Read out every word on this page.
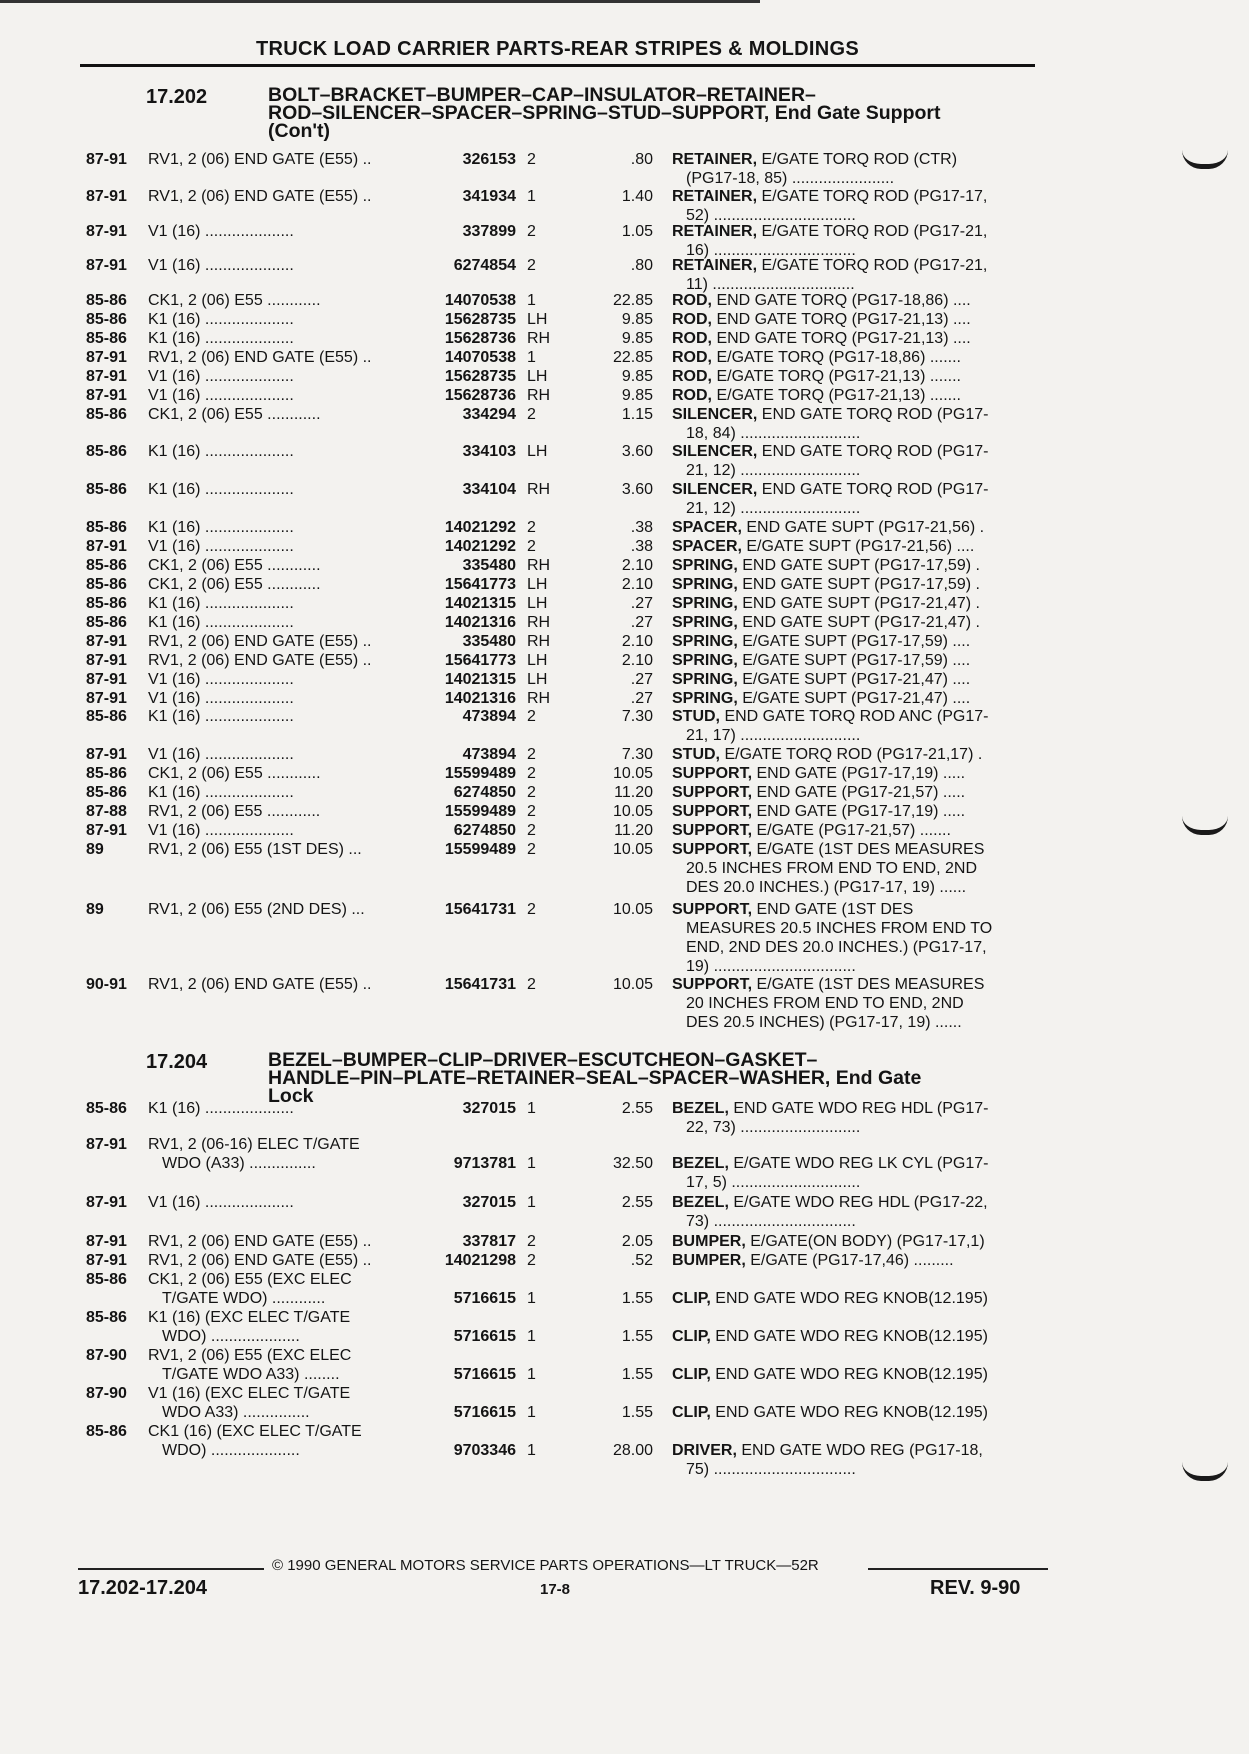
TRUCK LOAD CARRIER PARTS-REAR STRIPES & MOLDINGS
17.202	BOLT–BRACKET–BUMPER–CAP–INSULATOR–RETAINER–
ROD–SILENCER–SPACER–SPRING–STUD–SUPPORT, End Gate Support
(Con't)
87-91 RV1, 2 (06) END GATE (E55) ..	326153 2	.80 RETAINER, E/GATE TORQ ROD (CTR)
(PG17-18, 85) .......................
87-91 RV1, 2 (06) END GATE (E55) ..	341934 1	1.40 RETAINER, E/GATE TORQ ROD (PG17-17,
52) ................................
87-91 V1 (16) ....................	337899 2	1.05 RETAINER, E/GATE TORQ ROD (PG17-21,
16) ................................
87-91 V1 (16) ....................	6274854 2	.80 RETAINER, E/GATE TORQ ROD (PG17-21,
11) ................................
85-86 CK1, 2 (06) E55 ............	14070538 1	22.85 ROD, END GATE TORQ (PG17-18,86) ....
85-86 K1 (16) ....................	15628735 LH	9.85 ROD, END GATE TORQ (PG17-21,13) ....
85-86 K1 (16) ....................	15628736 RH	9.85 ROD, END GATE TORQ (PG17-21,13) ....
87-91 RV1, 2 (06) END GATE (E55) ..	14070538 1	22.85 ROD, E/GATE TORQ (PG17-18,86) .......
87-91 V1 (16) ....................	15628735 LH	9.85 ROD, E/GATE TORQ (PG17-21,13) .......
87-91 V1 (16) ....................	15628736 RH	9.85 ROD, E/GATE TORQ (PG17-21,13) .......
85-86 CK1, 2 (06) E55 ............	334294 2	1.15 SILENCER, END GATE TORQ ROD (PG17-
18, 84) ...........................
85-86 K1 (16) ....................	334103 LH	3.60 SILENCER, END GATE TORQ ROD (PG17-
21, 12) ...........................
85-86 K1 (16) ....................	334104 RH	3.60 SILENCER, END GATE TORQ ROD (PG17-
21, 12) ...........................
85-86 K1 (16) ....................	14021292 2	.38 SPACER, END GATE SUPT (PG17-21,56) .
87-91 V1 (16) ....................	14021292 2	.38 SPACER, E/GATE SUPT (PG17-21,56) ....
85-86 CK1, 2 (06) E55 ............	335480 RH	2.10 SPRING, END GATE SUPT (PG17-17,59) .
85-86 CK1, 2 (06) E55 ............	15641773 LH	2.10 SPRING, END GATE SUPT (PG17-17,59) .
85-86 K1 (16) ....................	14021315 LH	.27 SPRING, END GATE SUPT (PG17-21,47) .
85-86 K1 (16) ....................	14021316 RH	.27 SPRING, END GATE SUPT (PG17-21,47) .
87-91 RV1, 2 (06) END GATE (E55) ..	335480 RH	2.10 SPRING, E/GATE SUPT (PG17-17,59) ....
87-91 RV1, 2 (06) END GATE (E55) ..	15641773 LH	2.10 SPRING, E/GATE SUPT (PG17-17,59) ....
87-91 V1 (16) ....................	14021315 LH	.27 SPRING, E/GATE SUPT (PG17-21,47) ....
87-91 V1 (16) ....................	14021316 RH	.27 SPRING, E/GATE SUPT (PG17-21,47) ....
85-86 K1 (16) ....................	473894 2	7.30 STUD, END GATE TORQ ROD ANC (PG17-
21, 17) ...........................
87-91 V1 (16) ....................	473894 2	7.30 STUD, E/GATE TORQ ROD (PG17-21,17) .
85-86 CK1, 2 (06) E55 ............	15599489 2	10.05 SUPPORT, END GATE (PG17-17,19) .....
85-86 K1 (16) ....................	6274850 2	11.20 SUPPORT, END GATE (PG17-21,57) .....
87-88 RV1, 2 (06) E55 ............	15599489 2	10.05 SUPPORT, END GATE (PG17-17,19) .....
87-91 V1 (16) ....................	6274850 2	11.20 SUPPORT, E/GATE (PG17-21,57) .......
89	RV1, 2 (06) E55 (1ST DES) ...	15599489 2	10.05 SUPPORT, E/GATE (1ST DES MEASURES
20.5 INCHES FROM END TO END, 2ND
DES 20.0 INCHES.) (PG17-17, 19) ......
89	RV1, 2 (06) E55 (2ND DES) ...	15641731 2	10.05 SUPPORT, END GATE (1ST DES
MEASURES 20.5 INCHES FROM END TO
END, 2ND DES 20.0 INCHES.) (PG17-17,
19) ................................
90-91 RV1, 2 (06) END GATE (E55) ..	15641731 2	10.05 SUPPORT, E/GATE (1ST DES MEASURES
20 INCHES FROM END TO END, 2ND
DES 20.5 INCHES) (PG17-17, 19) ......
17.204	BEZEL–BUMPER–CLIP–DRIVER–ESCUTCHEON–GASKET–
HANDLE–PIN–PLATE–RETAINER–SEAL–SPACER–WASHER, End Gate
Lock
85-86 K1 (16) ....................	327015 1	2.55 BEZEL, END GATE WDO REG HDL (PG17-
22, 73) ...........................
87-91 RV1, 2 (06-16) ELEC T/GATE
WDO (A33) ...............	9713781 1	32.50 BEZEL, E/GATE WDO REG LK CYL (PG17-
17, 5) .............................
87-91 V1 (16) ....................	327015 1	2.55 BEZEL, E/GATE WDO REG HDL (PG17-22,
73) ................................
87-91 RV1, 2 (06) END GATE (E55) ..	337817 2	2.05 BUMPER, E/GATE(ON BODY) (PG17-17,1)
87-91 RV1, 2 (06) END GATE (E55) ..	14021298 2	.52 BUMPER, E/GATE (PG17-17,46) .........
85-86 CK1, 2 (06) E55 (EXC ELEC
T/GATE WDO) ............	5716615 1	1.55 CLIP, END GATE WDO REG KNOB(12.195)
85-86 K1 (16) (EXC ELEC T/GATE
WDO) ....................	5716615 1	1.55 CLIP, END GATE WDO REG KNOB(12.195)
87-90 RV1, 2 (06) E55 (EXC ELEC
T/GATE WDO A33) ........	5716615 1	1.55 CLIP, END GATE WDO REG KNOB(12.195)
87-90 V1 (16) (EXC ELEC T/GATE
WDO A33) ...............	5716615 1	1.55 CLIP, END GATE WDO REG KNOB(12.195)
85-86 CK1 (16) (EXC ELEC T/GATE
WDO) ....................	9703346 1	28.00 DRIVER, END GATE WDO REG (PG17-18,
75) ................................
© 1990 GENERAL MOTORS SERVICE PARTS OPERATIONS—LT TRUCK—52R
17.202-17.204	17-8	REV. 9-90
